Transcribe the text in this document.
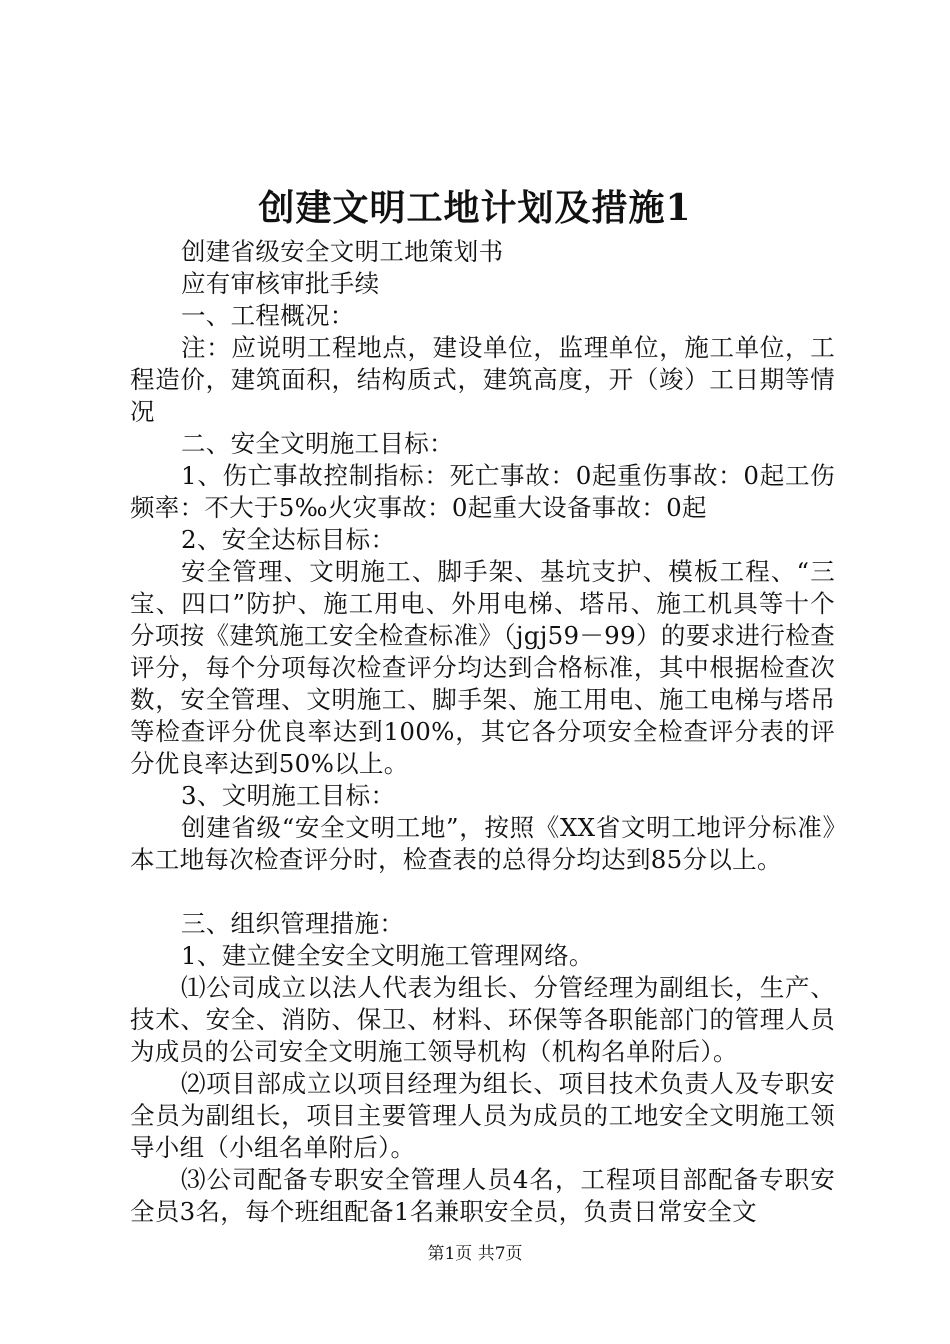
创建文明工地计划及措施1

创建省级安全文明工地策划书

应有审核审批手续

一、工程概况：

注：应说明工程地点，建设单位，监理单位，施工单位，工程造价，建筑面积，结构质式，建筑高度，开（竣）工日期等情况

二、安全文明施工目标：

1、伤亡事故控制指标：死亡事故：0起重伤事故：0起工伤频率：不大于5‰火灾事故：0起重大设备事故：0起

2、安全达标目标：

安全管理、文明施工、脚手架、基坑支护、模板工程、“三宝、四口”防护、施工用电、外用电梯、塔吊、施工机具等十个分项按《建筑施工安全检查标准》（jgj59－99）的要求进行检查评分，每个分项每次检查评分均达到合格标准，其中根据检查次数，安全管理、文明施工、脚手架、施工用电、施工电梯与塔吊等检查评分优良率达到100%，其它各分项安全检查评分表的评分优良率达到50%以上。

3、文明施工目标：

创建省级“安全文明工地”，按照《XX省文明工地评分标准》本工地每次检查评分时，检查表的总得分均达到85分以上。

三、组织管理措施：

1、建立健全安全文明施工管理网络。

⑴公司成立以法人代表为组长、分管经理为副组长，生产、技术、安全、消防、保卫、材料、环保等各职能部门的管理人员为成员的公司安全文明施工领导机构（机构名单附后）。

⑵项目部成立以项目经理为组长、项目技术负责人及专职安全员为副组长，项目主要管理人员为成员的工地安全文明施工领导小组（小组名单附后）。

⑶公司配备专职安全管理人员4名，工程项目部配备专职安全员3名，每个班组配备1名兼职安全员，负责日常安全文

第1页 共7页
